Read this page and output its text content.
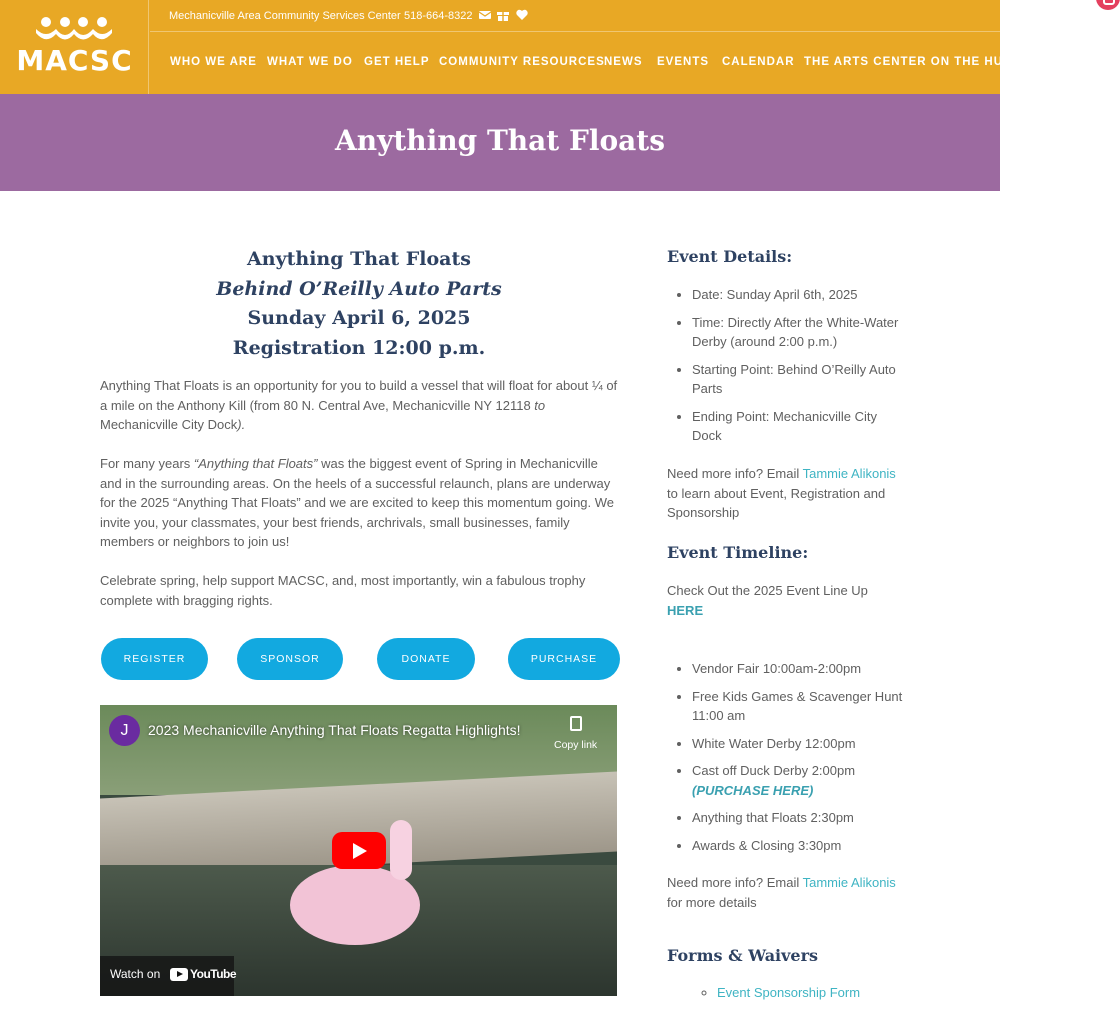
MACSC
Mechanicville Area Community Services Center 518-664-8322
WHO WE ARE WHAT WE DO GET HELP COMMUNITY RESOURCES NEWS EVENTS CALENDAR THE ARTS CENTER ON THE HUDSON
Anything That Floats
Anything That Floats
Behind O’Reilly Auto Parts
Sunday April 6, 2025
Registration 12:00 p.m.

Anything That Floats is an opportunity for you to build a vessel that will float for about ¼ of a mile on the Anthony Kill (from 80 N. Central Ave, Mechanicville NY 12118 to Mechanicville City Dock).

For many years “Anything that Floats” was the biggest event of Spring in Mechanicville and in the surrounding areas. On the heels of a successful relaunch, plans are underway for the 2025 “Anything That Floats” and we are excited to keep this momentum going. We invite you, your classmates, your best friends, archrivals, small businesses, family members or neighbors to join us!

Celebrate spring, help support MACSC, and, most importantly, win a fabulous trophy complete with bragging rights.

REGISTER	SPONSOR	DONATE	PURCHASE
J	2023 Mechanicville Anything That Floats Regatta Highlights!
Copy link
Watch on YouTube
Event Details:
• Date: Sunday April 6th, 2025
• Time: Directly After the White-Water Derby (around 2:00 p.m.)
• Starting Point: Behind O’Reilly Auto Parts
• Ending Point: Mechanicville City Dock

Need more info? Email Tammie Alikonis to learn about Event, Registration and Sponsorship

Event Timeline:

Check Out the 2025 Event Line Up HERE

• Vendor Fair 10:00am-2:00pm
• Free Kids Games & Scavenger Hunt 11:00 am
• White Water Derby 12:00pm
• Cast off Duck Derby 2:00pm
(PURCHASE HERE)
• Anything that Floats 2:30pm
• Awards & Closing 3:30pm

Need more info? Email Tammie Alikonis for more details

Forms & Waivers
◦ Event Sponsorship Form
